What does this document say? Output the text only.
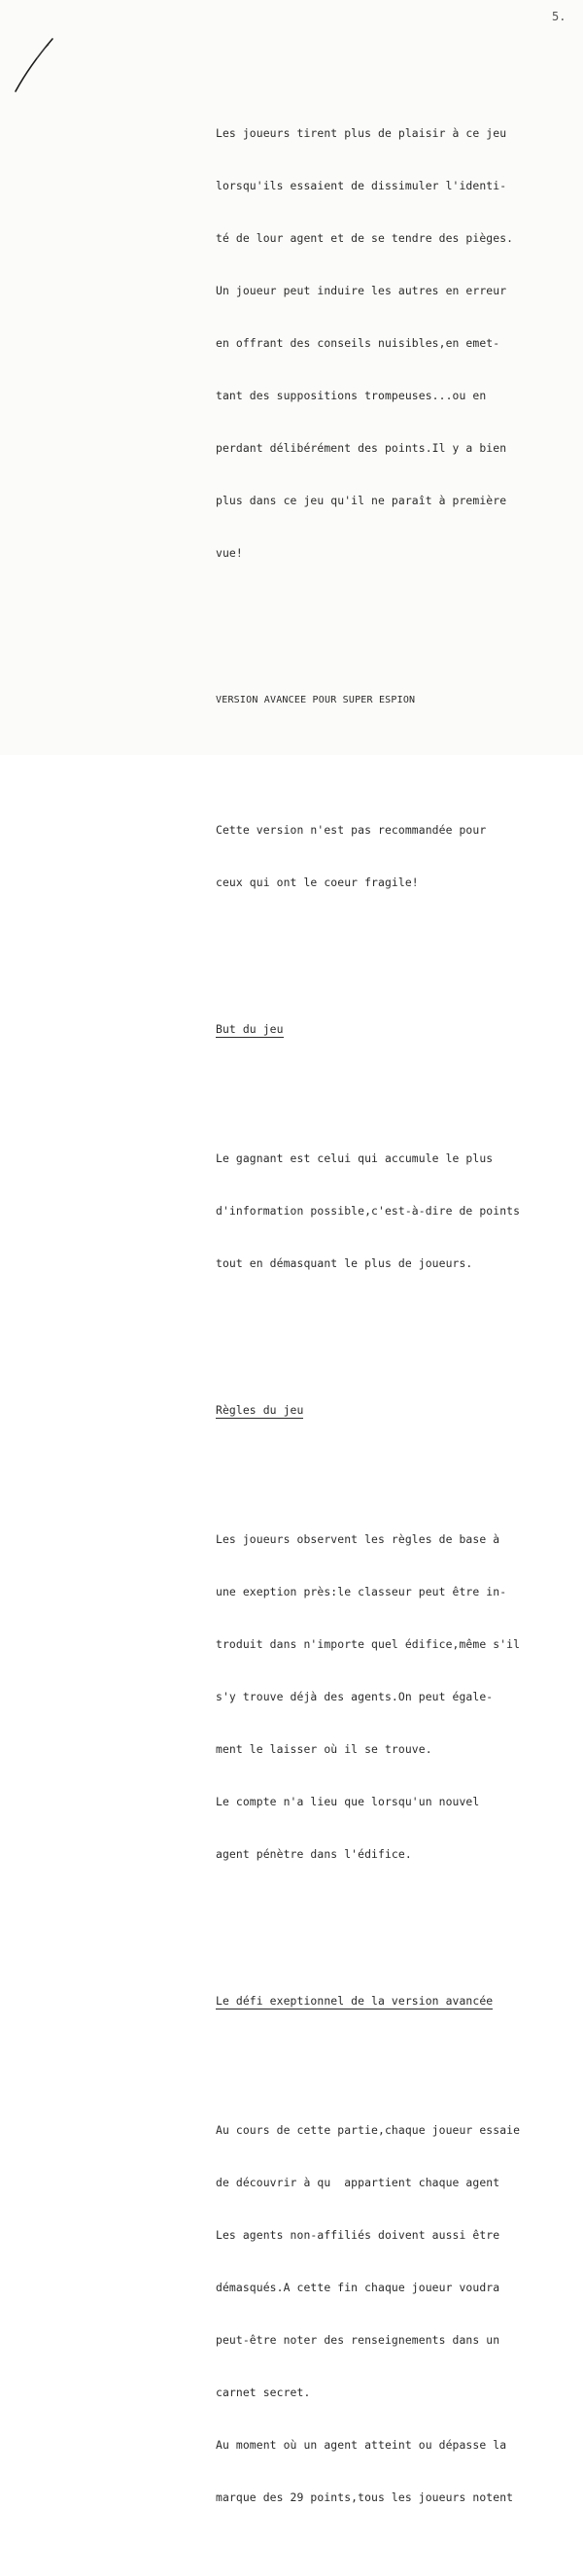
5.

Les joueurs tirent plus de plaisir à ce jeu

lorsqu'ils essaient de dissimuler l'identi-

té de lour agent et de se tendre des pièges.

Un joueur peut induire les autres en erreur

en offrant des conseils nuisibles,en emet-

tant des suppositions trompeuses...ou en

perdant délibérément des points.Il y a bien

plus dans ce jeu qu'il ne paraît à première

vue!

VERSION AVANCEE POUR SUPER ESPION

Cette version n'est pas recommandée pour

ceux qui ont le coeur fragile!

But du jeu

Le gagnant est celui qui accumule le plus

d'information possible,c'est-à-dire de points

tout en démasquant le plus de joueurs.

Règles du jeu

Les joueurs observent les règles de base à

une exeption près:le classeur peut être in-

troduit dans n'importe quel édifice,même s'il

s'y trouve déjà des agents.On peut égale-

ment le laisser où il se trouve.

Le compte n'a lieu que lorsqu'un nouvel

agent pénètre dans l'édifice.

Le défi exeptionnel de la version avancée

Au cours de cette partie,chaque joueur essaie

de découvrir à qu  appartient chaque agent

Les agents non-affiliés doivent aussi être

démasqués.A cette fin chaque joueur voudra

peut-être noter des renseignements dans un

carnet secret.

Au moment où un agent atteint ou dépasse la

marque des 29 points,tous les joueurs notent
